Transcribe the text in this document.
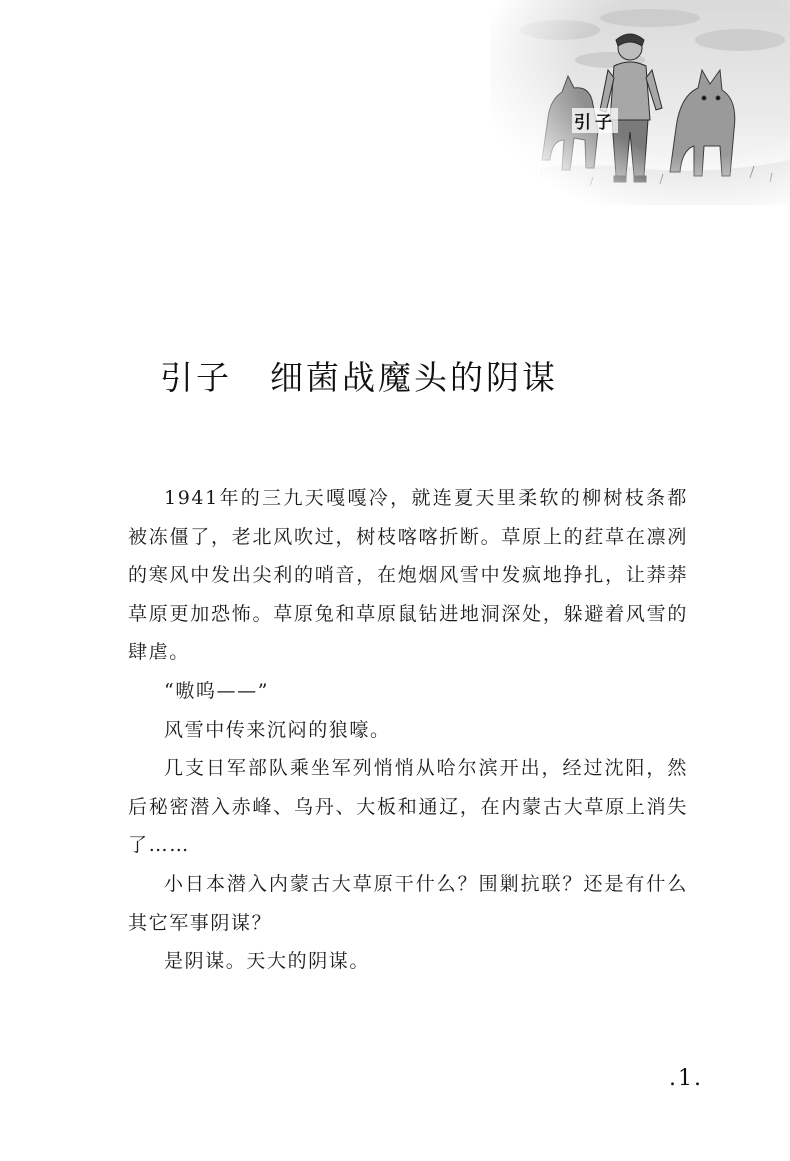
引子
引子 细菌战魔头的阴谋

1941年的三九天嘎嘎冷，就连夏天里柔软的柳树枝条都被冻僵了，老北风吹过，树枝喀喀折断。草原上的荭草在凛冽的寒风中发出尖利的哨音，在炮烟风雪中发疯地挣扎，让莽莽草原更加恐怖。草原兔和草原鼠钻进地洞深处，躲避着风雪的肆虐。

“嗷呜——”

风雪中传来沉闷的狼嚎。

几支日军部队乘坐军列悄悄从哈尔滨开出，经过沈阳，然后秘密潜入赤峰、乌丹、大板和通辽，在内蒙古大草原上消失了……

小日本潜入内蒙古大草原干什么？围剿抗联？还是有什么其它军事阴谋？

是阴谋。天大的阴谋。

.1.
